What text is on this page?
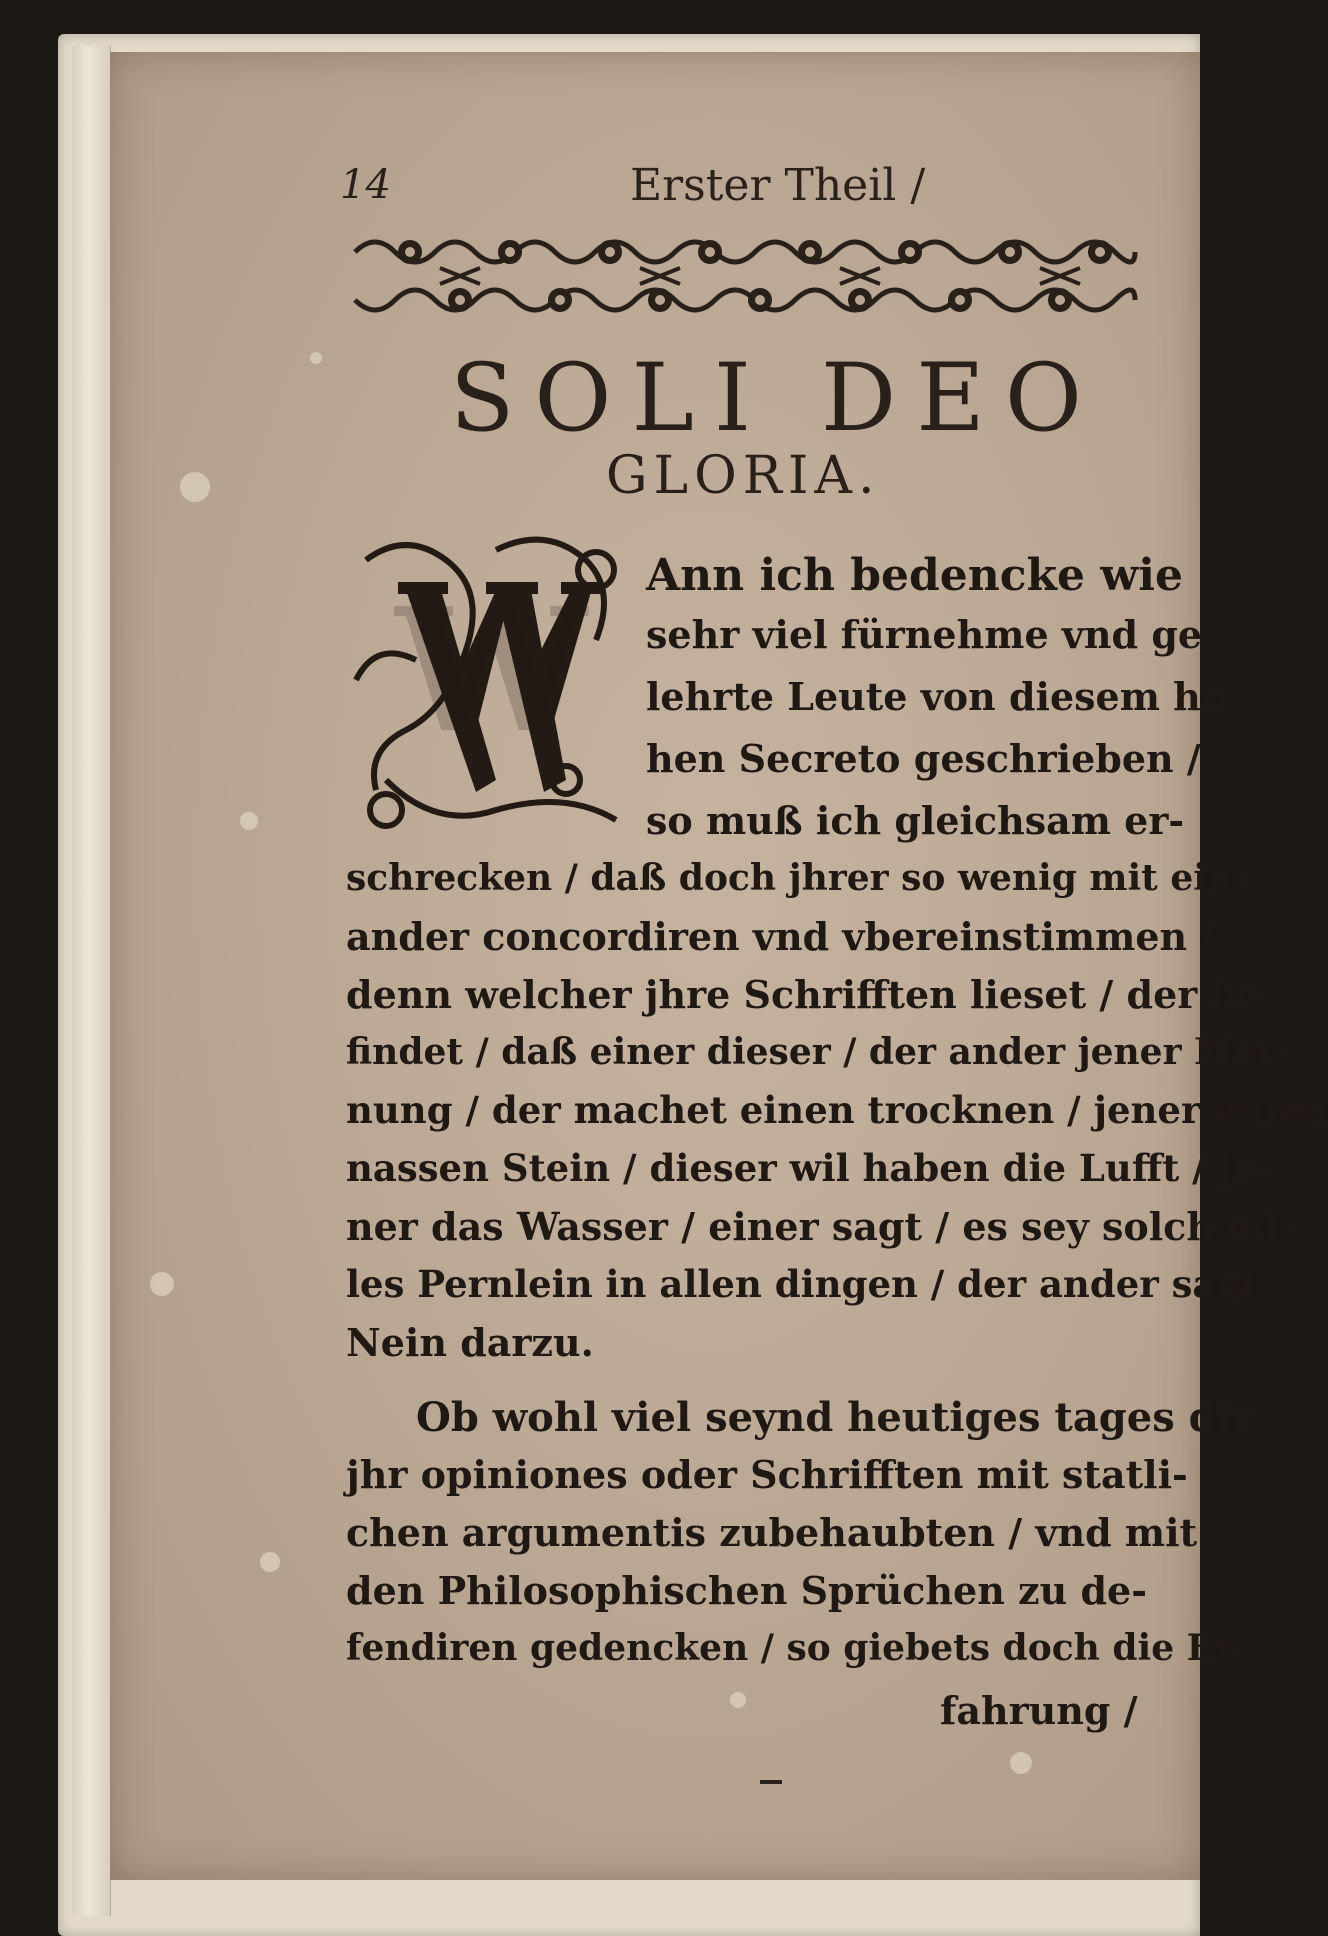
14	Erster Theil /
SOLI DEO
GLORIA.
W Ann ich bedencke wie
sehr viel fürnehme vnd ge-
lehrte Leute von diesem ho-
hen Secreto geschrieben /
so muß ich gleichsam er-
schrecken / daß doch jhrer so wenig mit ein-
ander concordiren vnd vbereinstimmen /
denn welcher jhre Schrifften lieset / der be-
findet / daß einer dieser / der ander jener Mei-
nung / der machet einen trocknen / jener einen
nassen Stein / dieser wil haben die Lufft / je-
ner das Wasser / einer sagt / es sey solch ed-
les Pernlein in allen dingen / der ander sagt
Nein darzu.
Ob wohl viel seynd heutiges tages die
jhr opiniones oder Schrifften mit statli-
chen argumentis zubehaubten / vnd mit
den Philosophischen Sprüchen zu de-
fendiren gedencken / so giebets doch die Er-
fahrung /
